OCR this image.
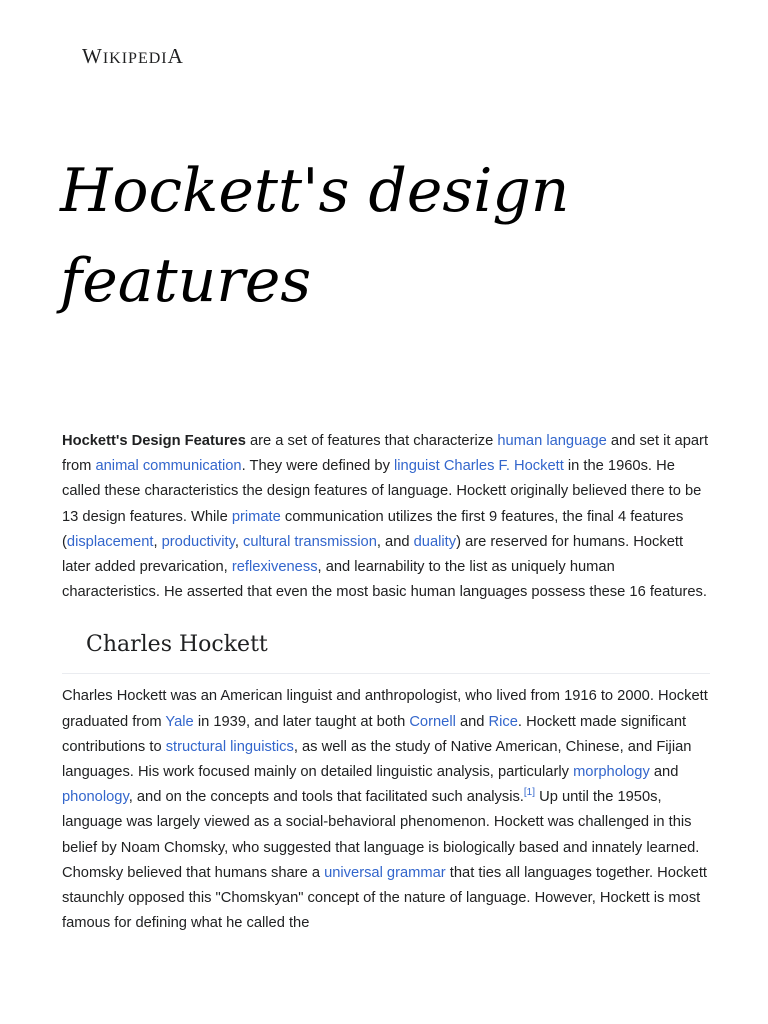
WIKIPEDIA
Hockett's design features

Hockett's Design Features are a set of features that characterize human language and set it apart from animal communication. They were defined by linguist Charles F. Hockett in the 1960s. He called these characteristics the design features of language. Hockett originally believed there to be 13 design features. While primate communication utilizes the first 9 features, the final 4 features (displacement, productivity, cultural transmission, and duality) are reserved for humans. Hockett later added prevarication, reflexiveness, and learnability to the list as uniquely human characteristics. He asserted that even the most basic human languages possess these 16 features.

Charles Hockett

Charles Hockett was an American linguist and anthropologist, who lived from 1916 to 2000. Hockett graduated from Yale in 1939, and later taught at both Cornell and Rice. Hockett made significant contributions to structural linguistics, as well as the study of Native American, Chinese, and Fijian languages. His work focused mainly on detailed linguistic analysis, particularly morphology and phonology, and on the concepts and tools that facilitated such analysis.[1] Up until the 1950s, language was largely viewed as a social-behavioral phenomenon. Hockett was challenged in this belief by Noam Chomsky, who suggested that language is biologically based and innately learned. Chomsky believed that humans share a universal grammar that ties all languages together. Hockett staunchly opposed this "Chomskyan" concept of the nature of language. However, Hockett is most famous for defining what he called the
